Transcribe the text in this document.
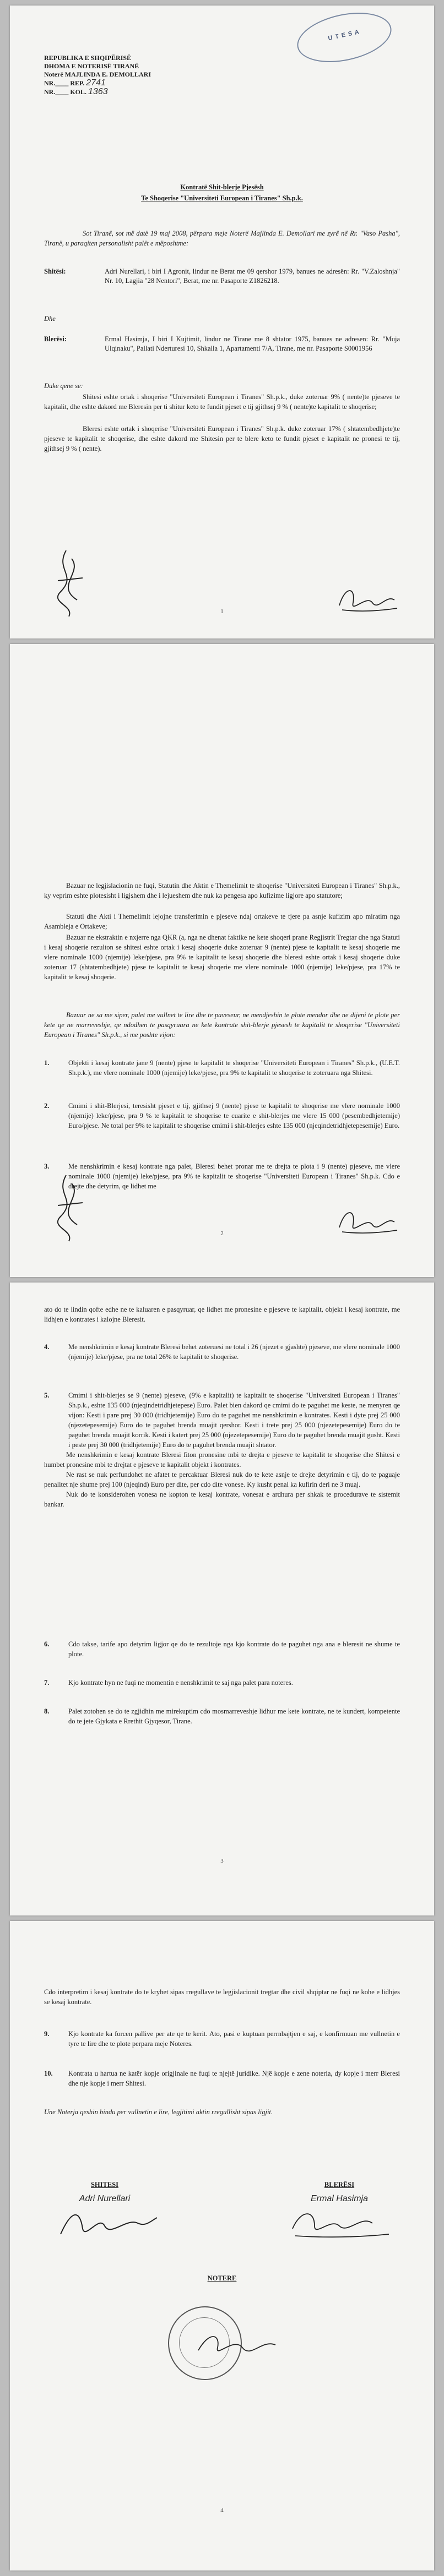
U T E S A
REPUBLIKA E SHQIPËRISË
DHOMA E NOTERISË TIRANË
Noterë MAJLINDA E. DEMOLLARI
NR.____ REP. 2741
NR.____ KOL. 1363
Kontratë Shit-blerje Pjesësh
Te Shoqerise "Universiteti European i Tiranes" Sh.p.k.
Sot Tiranë, sot më datë 19 maj 2008, përpara meje Noterë Majlinda E. Demollari me zyrë në Rr. "Vaso Pasha", Tiranë, u paraqiten personalisht palët e mëposhtme:
Shitësi:	Adri Nurellari, i biri I Agronit, lindur ne Berat me 09 qershor 1979, banues ne adresën: Rr. "V.Zaloshnja" Nr. 10, Lagjia "28 Nentori", Berat, me nr. Pasaporte Z1826218.
Dhe
Blerësi:	Ermal Hasimja, I biri I Kujtimit, lindur ne Tirane me 8 shtator 1975, banues ne adresen: Rr. "Muja Ulqinaku", Pallati Nderturesi 10, Shkalla 1, Apartamenti 7/A, Tirane, me nr. Pasaporte S0001956
Duke qene se:
Shitesi eshte ortak i shoqerise "Universiteti European i Tiranes" Sh.p.k., duke zoteruar 9% ( nente)te pjeseve te kapitalit, dhe eshte dakord me Bleresin per ti shitur keto te fundit pjeset e tij gjithsej 9 % ( nente)te kapitalit te shoqerise;
Bleresi eshte ortak i shoqerise "Universiteti European i Tiranes" Sh.p.k. duke zoteruar 17% ( shtatembedhjete)te pjeseve te kapitalit te shoqerise, dhe eshte dakord me Shitesin per te blere keto te fundit pjeset e kapitalit ne pronesi te tij, gjithsej 9 % ( nente).
1
Bazuar ne legjislacionin ne fuqi, Statutin dhe Aktin e Themelimit te shoqerise "Universiteti European i Tiranes" Sh.p.k., ky veprim eshte plotesisht i ligjshem dhe i lejueshem dhe nuk ka pengesa apo kufizime ligjore apo statutore;
Statuti dhe Akti i Themelimit lejojne transferimin e pjeseve ndaj ortakeve te tjere pa asnje kufizim apo miratim nga Asambleja e Ortakeve;
Bazuar ne ekstraktin e nxjerre nga QKR (a, nga ne dhenat faktike ne kete shoqeri prane Regjistrit Tregtar dhe nga Statuti i kesaj shoqerie rezulton se shitesi eshte ortak i kesaj shoqerie duke zoteruar 9 (nente) pjese te kapitalit te kesaj shoqerie me vlere nominale 1000 (njemije) leke/pjese, pra 9% te kapitalit te kesaj shoqerie dhe bleresi eshte ortak i kesaj shoqerie duke zoteruar 17 (shtatembedhjete) pjese te kapitalit te kesaj shoqerie me vlere nominale 1000 (njemije) leke/pjese, pra 17% te kapitalit te kesaj shoqerie.
Bazuar ne sa me siper, palet me vullnet te lire dhe te paveseur, ne mendjeshin te plote mendor dhe ne dijeni te plote per kete qe ne marreveshje, qe ndodhen te pasqyruara ne kete kontrate shit-blerje pjesesh te kapitalit te shoqerise "Universiteti European i Tiranes" Sh.p.k., si me poshte vijon:
1.	Objekti i kesaj kontrate jane 9 (nente) pjese te kapitalit te shoqerise "Universiteti European i Tiranes" Sh.p.k., (U.E.T. Sh.p.k.), me vlere nominale 1000 (njemije) leke/pjese, pra 9% te kapitalit te shoqerise te zoteruara nga Shitesi.
2.	Cmimi i shit-Blerjesi, teresisht pjeset e tij, gjithsej 9 (nente) pjese te kapitalit te shoqerise me vlere nominale 1000 (njemije) leke/pjese, pra 9 % te kapitalit te shoqerise te cuarite e shit-blerjes me vlere 15 000 (pesembedhjetemije) Euro/pjese. Ne total per 9% te kapitalit te shoqerise cmimi i shit-blerjes eshte 135 000 (njeqindetridhjetepesemije) Euro.
3.	Me nenshkrimin e kesaj kontrate nga palet, Bleresi behet pronar me te drejta te plota i 9 (nente) pjeseve, me vlere nominale 1000 (njemije) leke/pjese, pra 9% te kapitalit te shoqerise "Universiteti European i Tiranes" Sh.p.k. Cdo e drejte dhe detyrim, qe lidhet me
2
ato do te lindin qofte edhe ne te kaluaren e pasqyruar, qe lidhet me pronesine e pjeseve te kapitalit, objekt i kesaj kontrate, me lidhjen e kontrates i kalojne Bleresit.
4.	Me nenshkrimin e kesaj kontrate Bleresi behet zoteruesi ne total i 26 (njezet e gjashte) pjeseve, me vlere nominale 1000 (njemije) leke/pjese, pra ne total 26% te kapitalit te shoqerise.
5.	Cmimi i shit-blerjes se 9 (nente) pjeseve, (9% e kapitalit) te kapitalit te shoqerise "Universiteti European i Tiranes" Sh.p.k., eshte 135 000 (njeqindetridhjetepese) Euro. Palet bien dakord qe cmimi do te paguhet me keste, ne menyren qe vijon: Kesti i pare prej 30 000 (tridhjetemije) Euro do te paguhet me nenshkrimin e kontrates. Kesti i dyte prej 25 000 (njezetepesemije) Euro do te paguhet brenda muajit qershor. Kesti i trete prej 25 000 (njezetepesemije) Euro do te paguhet brenda muajit korrik. Kesti i katert prej 25 000 (njezetepesemije) Euro do te paguhet brenda muajit gusht. Kesti i peste prej 30 000 (tridhjetemije) Euro do te paguhet brenda muajit shtator.
Me nenshkrimin e kesaj kontrate Bleresi fiton pronesine mbi te drejta e pjeseve te kapitalit te shoqerise dhe Shitesi e humbet pronesine mbi te drejtat e pjeseve te kapitalit objekt i kontrates.
Ne rast se nuk perfundohet ne afatet te percaktuar Bleresi nuk do te kete asnje te drejte detyrimin e tij, do te paguaje penalitet nje shume prej 100 (njeqind) Euro per dite, per cdo dite vonese. Ky kusht penal ka kufirin deri ne 3 muaj.
Nuk do te konsiderohen vonesa ne kopton te kesaj kontrate, vonesat e ardhura per shkak te procedurave te sistemit bankar.
6.	Cdo takse, tarife apo detyrim ligjor qe do te rezultoje nga kjo kontrate do te paguhet nga ana e bleresit ne shume te plote.
7.	Kjo kontrate hyn ne fuqi ne momentin e nenshkrimit te saj nga palet para noteres.
8.	Palet zotohen se do te zgjidhin me mirekuptim cdo mosmarreveshje lidhur me kete kontrate, ne te kundert, kompetente do te jete Gjykata e Rrethit Gjyqesor, Tirane.
3
Cdo interpretim i kesaj kontrate do te kryhet sipas rregullave te legjislacionit tregtar dhe civil shqiptar ne fuqi ne kohe e lidhjes se kesaj kontrate.
9.	Kjo kontrate ka forcen pallive per ate qe te kerit. Ato, pasi e kuptuan perrnbajtjen e saj, e konfirmuan me vullnetin e tyre te lire dhe te plote perpara meje Noteres.
10. Kontrata u hartua ne katër kopje origjinale ne fuqi te njejtë juridike. Një kopje e zene noteria, dy kopje i merr Bleresi dhe nje kopje i merr Shitesi.
Une Noterja qeshin bindu per vullnetin e lire, legjitimi aktin rregullisht sipas ligjit.
SHITESI
Adri Nurellari
BLERËSI
Ermal Hasimja
NOTERE
4
